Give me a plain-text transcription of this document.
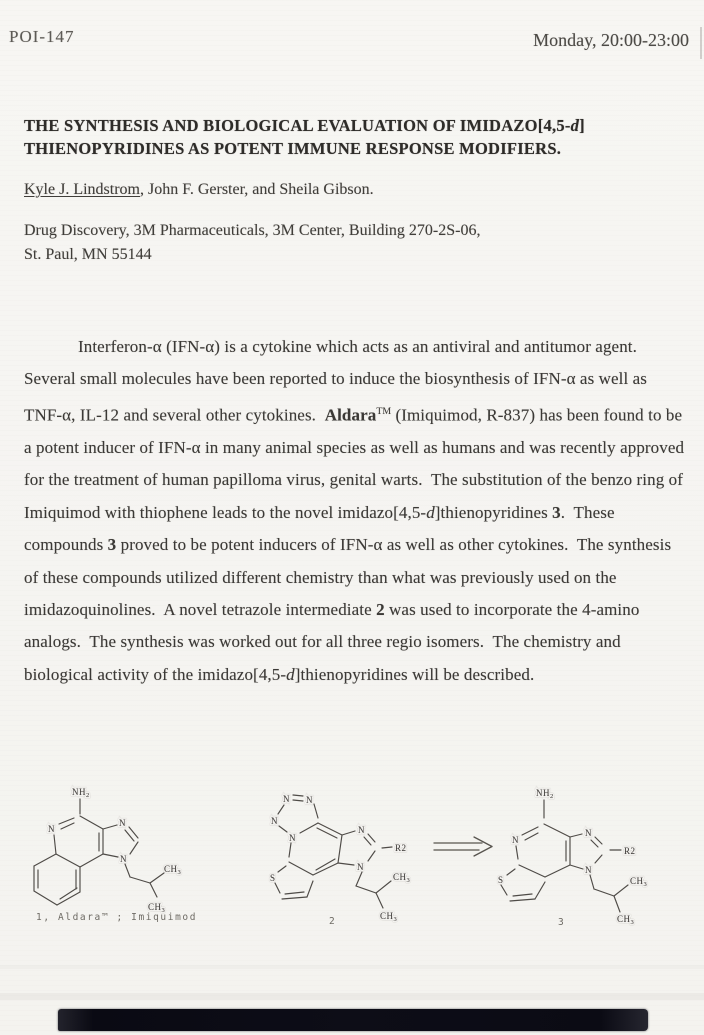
POI-147	Monday, 20:00-23:00
THE SYNTHESIS AND BIOLOGICAL EVALUATION OF IMIDAZO[4,5-d]
THIENOPYRIDINES AS POTENT IMMUNE RESPONSE MODIFIERS.
Kyle J. Lindstrom, John F. Gerster, and Sheila Gibson.
Drug Discovery, 3M Pharmaceuticals, 3M Center, Building 270-2S-06,
St. Paul, MN 55144
Interferon-α (IFN-α) is a cytokine which acts as an antiviral and antitumor agent.  Several small molecules have been reported to induce the biosynthesis of IFN-α as well as TNF-α, IL-12 and several other cytokines.  Aldara™ (Imiquimod, R-837) has been found to be a potent inducer of IFN-α in many animal species as well as humans and was recently approved for the treatment of human papilloma virus, genital warts.  The substitution of the benzo ring of Imiquimod with thiophene leads to the novel imidazo[4,5-d]thienopyridines 3.  These compounds 3 proved to be potent inducers of IFN-α as well as other cytokines.  The synthesis of these compounds utilized different chemistry than what was previously used on the imidazoquinolines.  A novel tetrazole intermediate 2 was used to incorporate the 4-amino analogs.  The synthesis was worked out for all three regio isomers.  The chemistry and biological activity of the imidazo[4,5-d]thienopyridines will be described.
$NH_2$
N
N
N
$CH_3$
$CH_3$
N
N N
N
S
N
N
R2
$CH_3$
$CH_3$
$NH_2$
N
S
N
N
R2
$CH_3$
$CH_3$
1, Aldara™ ; Imiquimod	2	3
